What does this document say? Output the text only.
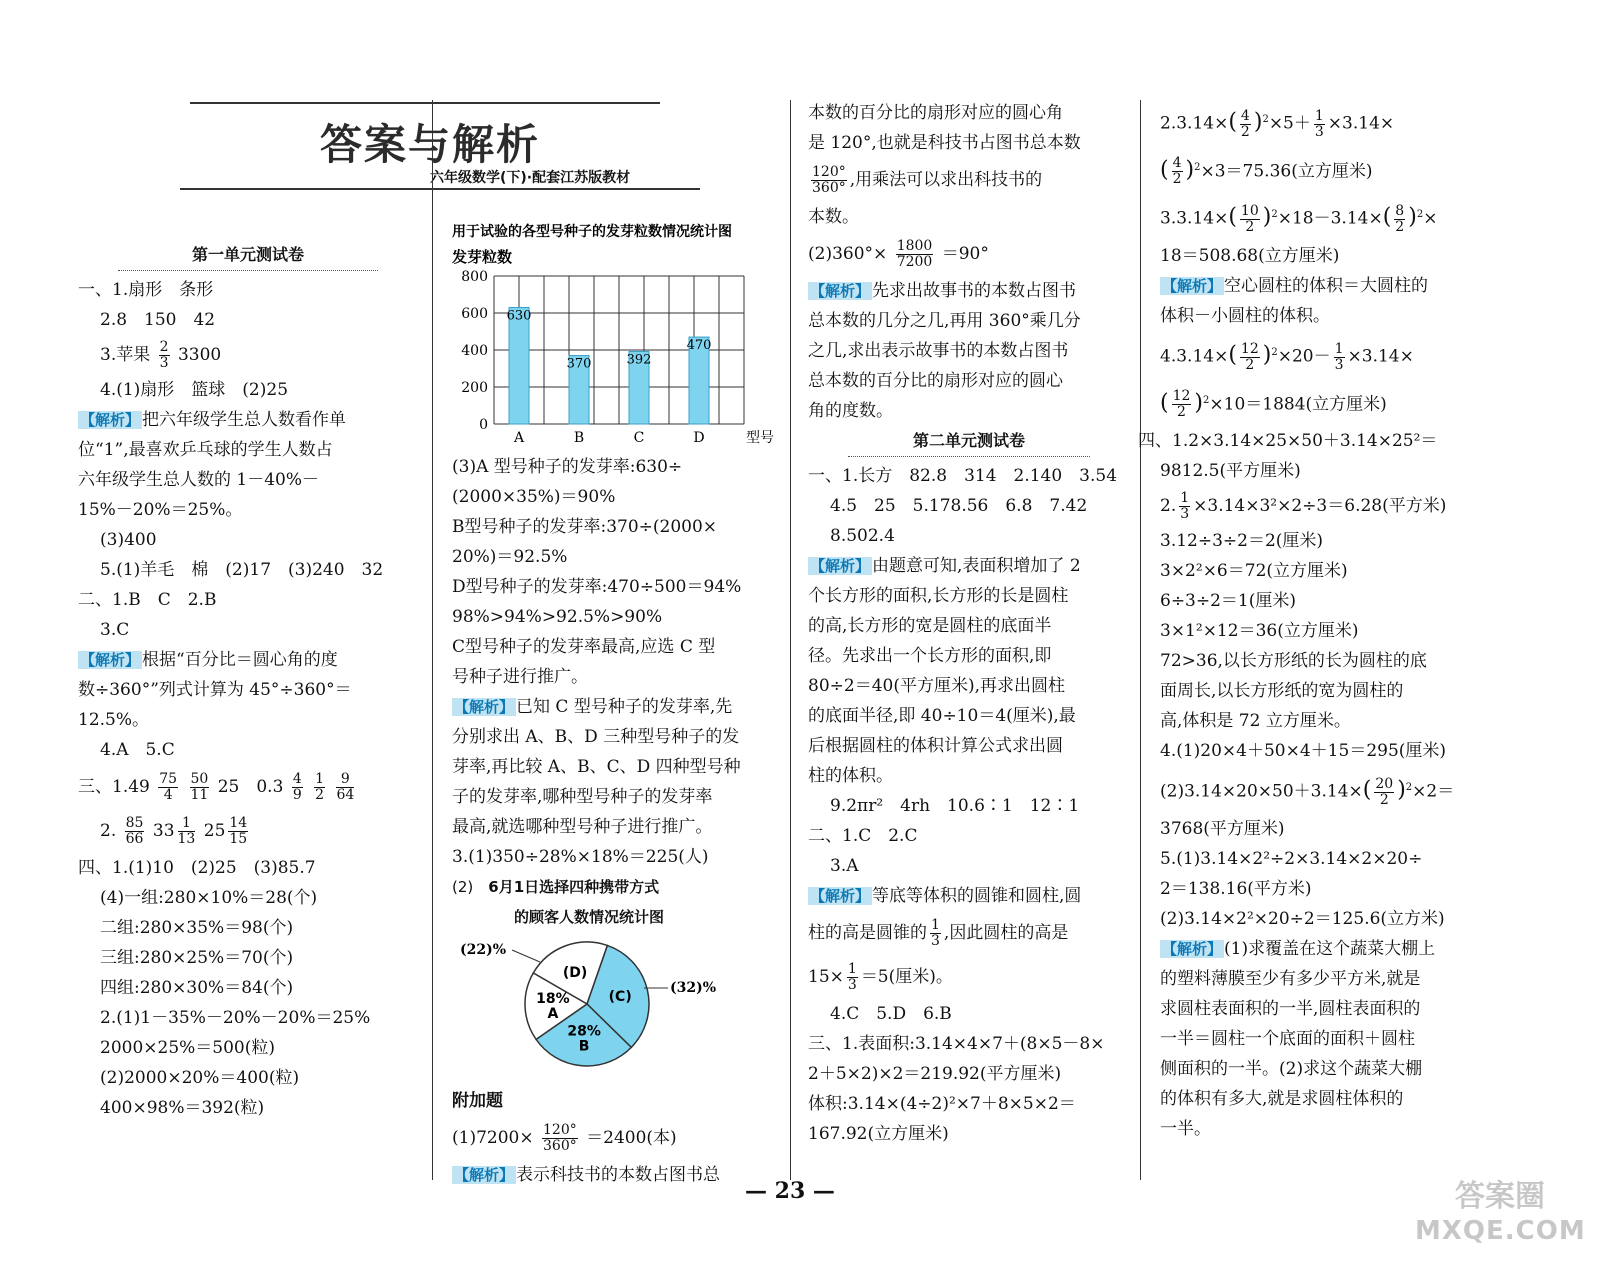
答案与解析
六年级数学(下)·配套江苏版教材
第一单元测试卷
一、1.扇形　条形
2.8　150　42
3.苹果 $\frac{2}{3} 3300$
4.(1)扇形　篮球　(2)25
【解析】 把六年级学生总人数看作单
位“1”,最喜欢乒乓球的学生人数占
六年级学生总人数的 1－40%－
15%－20%＝25%。
(3)400
5.(1)羊毛　棉　(2)17　(3)240　32
二、1.B　C　2.B
3.C
【解析】 根据“百分比＝圆心角的度
数÷360°”列式计算为 45°÷360°＝
12.5%。
4.A　5.C
三、$1.49 \frac{75}{4}$
$\frac{50}{11} 25$　$0.3 \frac{4}{9}$
$\frac{1}{2}$
$\frac{9}{64}$
2. $\frac{85}{66} 33 \frac{1}{13} 25 \frac{14}{15}$
四、1.(1)10　(2)25　(3)85.7
(4)一组:280×10%＝28(个)
二组:280×35%＝98(个)
三组:280×25%＝70(个)
四组:280×30%＝84(个)
2.(1)1－35%－20%－20%＝25%
2000×25%＝500(粒)
(2)2000×20%＝400(粒)
400×98%＝392(粒)
用于试验的各型号种子的发芽粒数情况统计图
发芽粒数
800
600
400
200
0
630
A
370
B
392
C
470
D	型号
(3)A 型号种子的发芽率:630÷
(2000×35%)＝90%
B型号种子的发芽率:370÷(2000×
20%)＝92.5%
D型号种子的发芽率:470÷500＝94%
98%>94%>92.5%>90%
C型号种子的发芽率最高,应选 C 型
号种子进行推广。
【解析】 已知 C 型号种子的发芽率,先
分别求出 A、B、D 三种型号种子的发
芽率,再比较 A、B、C、D 四种型号种
子的发芽率,哪种型号种子的发芽率
最高,就选哪种型号种子进行推广。
3.(1)350÷28%×18%＝225(人)
(2)　 6月1日选择四种携带方式
的顾客人数情况统计图
(D)
(C)
28%
B
18%
A
(22)%
(32)%
附加题
$(1)7200\times \frac{120^\circ}{360^\circ} =2400$(本)
【解析】 表示科技书的本数占图书总
本数的百分比的扇形对应的圆心角
是 120°,也就是科技书占图书总本数
$\frac{120^\circ}{360^\circ}$ ,用乘法可以求出科技书的
本数。
$(2)360^\circ\times \frac{1800}{7200} =90^\circ$
【解析】 先求出故事书的本数占图书
总本数的几分之几,再用 360°乘几分
之几,求出表示故事书的本数占图书
总本数的百分比的扇形对应的圆心
角的度数。
第二单元测试卷
一、1.长方　82.8　314　2.140　3.54
4.5　25　5.178.56　6.8　7.42
8.502.4
【解析】 由题意可知,表面积增加了 2
个长方形的面积,长方形的长是圆柱
的高,长方形的宽是圆柱的底面半
径。先求出一个长方形的面积,即
80÷2＝40(平方厘米),再求出圆柱
的底面半径,即 40÷10＝4(厘米),最
后根据圆柱的体积计算公式求出圆
柱的体积。
9.2πr²　4rh　10.6∶1　12∶1
二、1.C　2.C
3.A
【解析】 等底等体积的圆锥和圆柱,圆
柱的高是圆锥的 $\frac{1}{3}$ ,因此圆柱的高是
$15\times \frac{1}{3} =5$(厘米)。
4.C　5.D　6.B
三、1.表面积:3.14×4×7＋(8×5－8×
2＋5×2)×2＝219.92(平方厘米)
体积:3.14×(4÷2)²×7＋8×5×2＝
167.92(立方厘米)
$2.3.14\times( \frac{4}{2} )^2\times 5+ \frac{1}{3} \times 3.14\times$
( $\frac{4}{2} )^2\times 3=75.36$(立方厘米)
$3.3.14\times( \frac{10}{2} )^2\times 18-3.14\times( \frac{8}{2} )^2\times$
18＝508.68(立方厘米)
【解析】 空心圆柱的体积＝大圆柱的
体积－小圆柱的体积。
$4.3.14\times( \frac{12}{2} )^2\times 20- \frac{1}{3} \times 3.14\times$
( $\frac{12}{2} )^2\times 10=1884$(立方厘米)
四、1.2×3.14×25×50＋3.14×25²＝
9812.5(平方厘米)
2. $\frac{1}{3} \times 3.14\times 3^2\times 2\div 3=6.28$(平方米)
3.12÷3÷2＝2(厘米)
3×2²×6＝72(立方厘米)
6÷3÷2＝1(厘米)
3×1²×12＝36(立方厘米)
72>36,以长方形纸的长为圆柱的底
面周长,以长方形纸的宽为圆柱的
高,体积是 72 立方厘米。
4.(1)20×4＋50×4＋15＝295(厘米)
$(2)3.14\times 20\times 50+3.14\times( \frac{20}{2} )^2\times 2=$
3768(平方厘米)
5.(1)3.14×2²÷2×3.14×2×20÷
2＝138.16(平方米)
(2)3.14×2²×20÷2＝125.6(立方米)
【解析】 (1)求覆盖在这个蔬菜大棚上
的塑料薄膜至少有多少平方米,就是
求圆柱表面积的一半,圆柱表面积的
一半＝圆柱一个底面的面积＋圆柱
侧面积的一半。(2)求这个蔬菜大棚
的体积有多大,就是求圆柱体积的
一半。
— 23 —	答案圈
MXQE.COM
